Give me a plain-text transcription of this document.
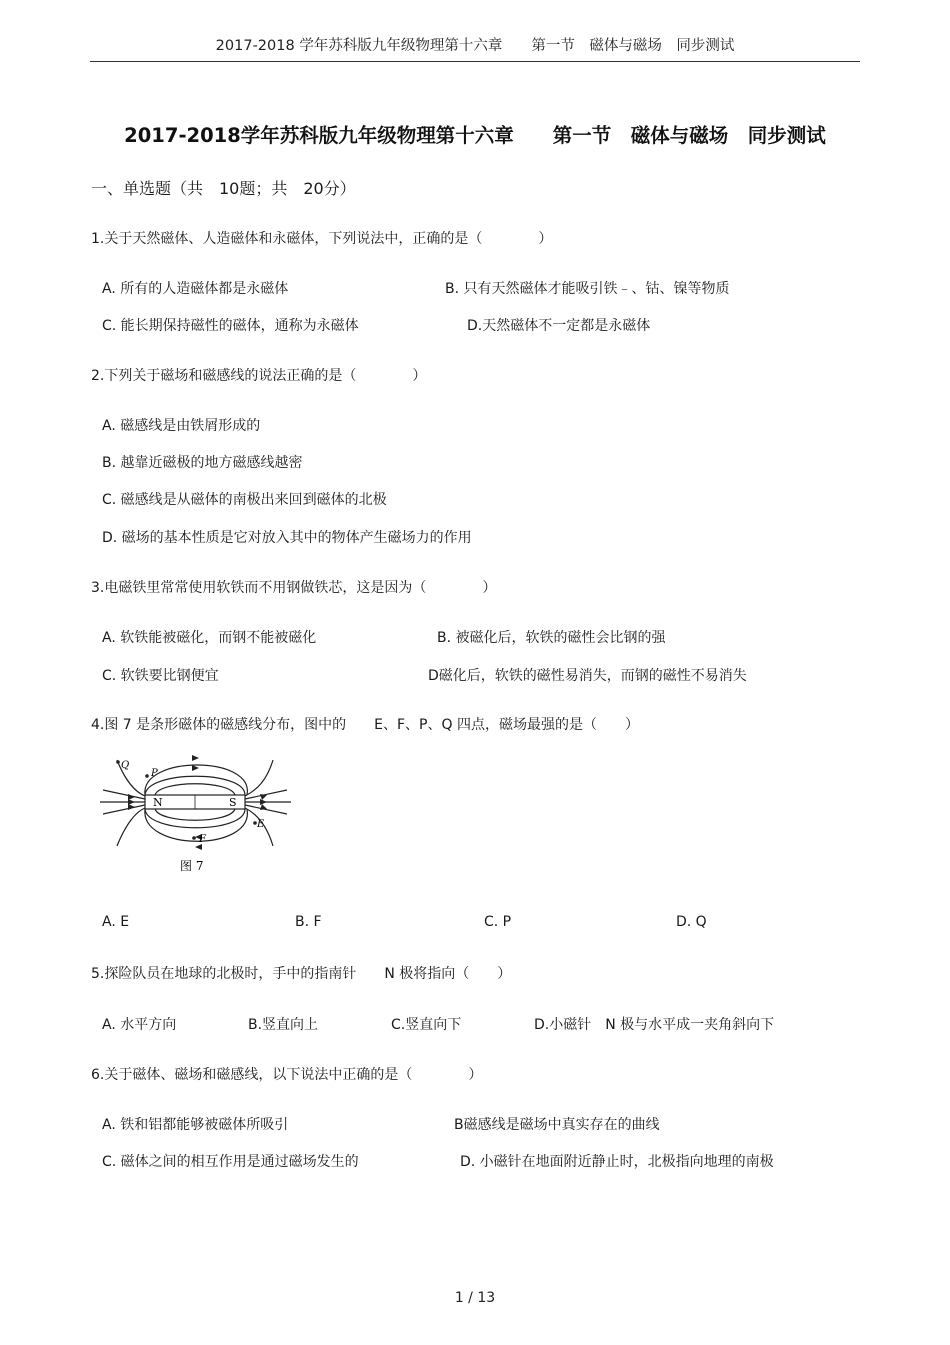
2017-2018 学年苏科版九年级物理第十六章　　第一节　磁体与磁场　同步测试
2017-2018学年苏科版九年级物理第十六章　　第一节　磁体与磁场　同步测试
一、单选题（共　10题；共　20分）
1.关于天然磁体、人造磁体和永磁体，下列说法中，正确的是（　　　　）
A. 所有的人造磁体都是永磁体	B. 只有天然磁体才能吸引铁﹣、钴、镍等物质
C. 能长期保持磁性的磁体，通称为永磁体	D.天然磁体不一定都是永磁体
2.下列关于磁场和磁感线的说法正确的是（　　　　）
A. 磁感线是由铁屑形成的
B. 越靠近磁极的地方磁感线越密
C. 磁感线是从磁体的南极出来回到磁体的北极
D. 磁场的基本性质是它对放入其中的物体产生磁场力的作用
3.电磁铁里常常使用软铁而不用钢做铁芯，这是因为（　　　　）
A. 软铁能被磁化，而钢不能被磁化	B. 被磁化后，软铁的磁性会比钢的强
C. 软铁要比钢便宜	D磁化后，软铁的磁性易消失，而钢的磁性不易消失
4.图 7 是条形磁体的磁感线分布，图中的　　E、F、P、Q 四点，磁场最强的是（　　）
N	S
Q
P
E
F
图 7
A. E	B. F	C. P	D. Q
5.探险队员在地球的北极时，手中的指南针　　N 极将指向（　　）
A. 水平方向	B.竖直向上	C.竖直向下	D.小磁针　N 极与水平成一夹角斜向下
6.关于磁体、磁场和磁感线，以下说法中正确的是（　　　　）
A. 铁和铝都能够被磁体所吸引	B磁感线是磁场中真实存在的曲线
C. 磁体之间的相互作用是通过磁场发生的	D. 小磁针在地面附近静止时，北极指向地理的南极
1 / 13
